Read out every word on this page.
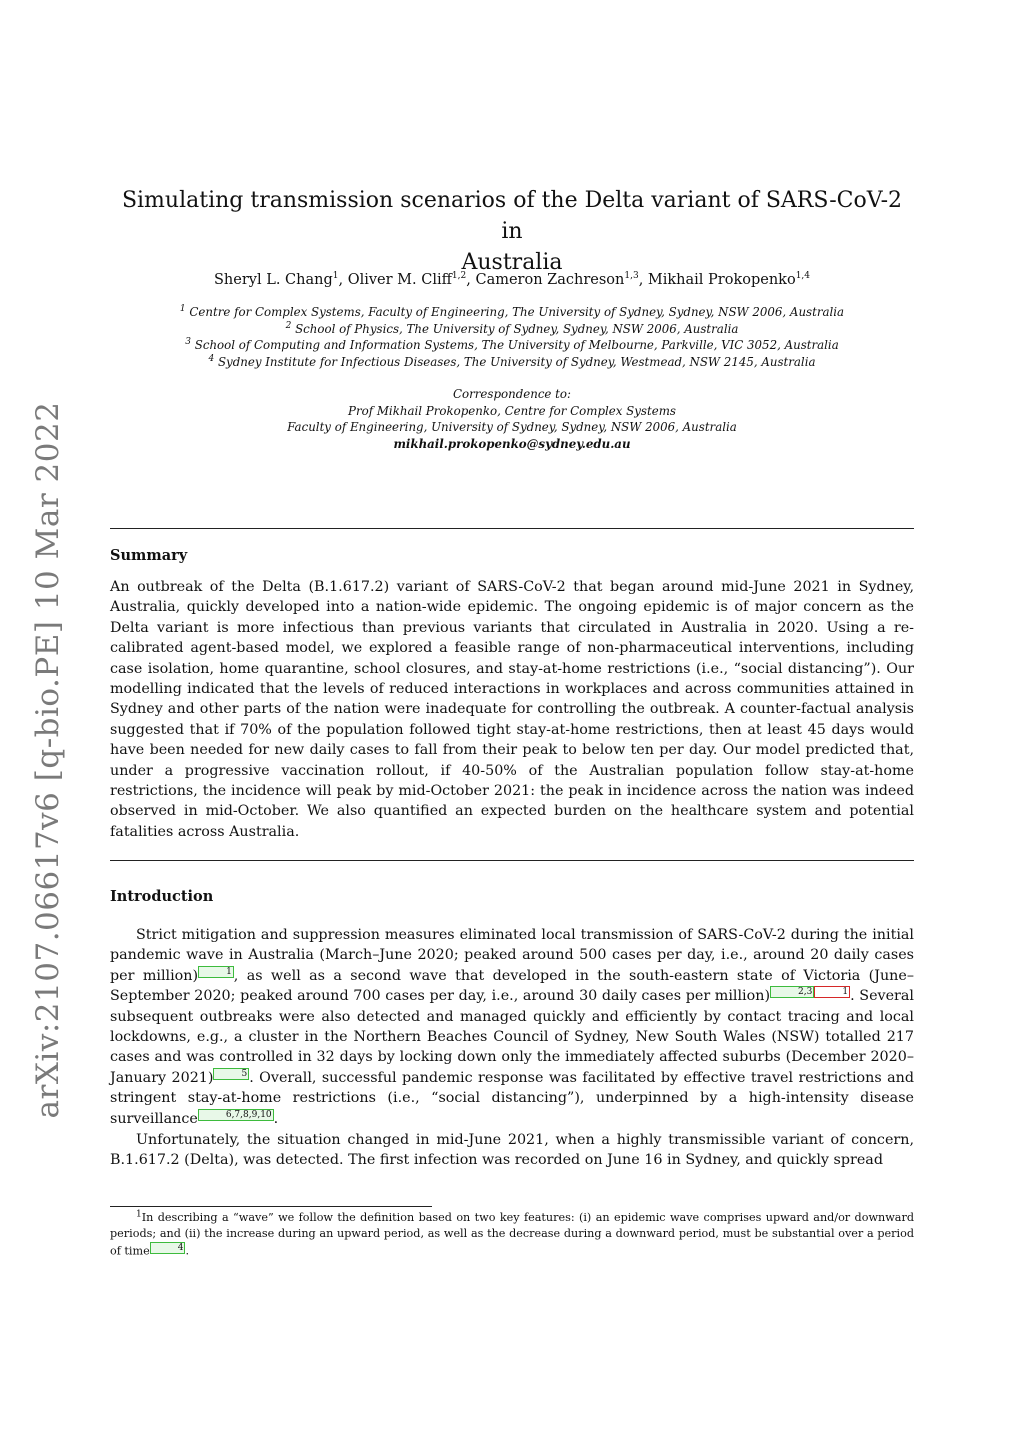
arXiv:2107.06617v6 [q-bio.PE] 10 Mar 2022
Simulating transmission scenarios of the Delta variant of SARS-CoV-2 in
Australia
Sheryl L. Chang$^1$, Oliver M. Cliff$^{1,2}$, Cameron Zachreson$^{1,3}$, Mikhail Prokopenko$^{1,4}$
$^1$ Centre for Complex Systems, Faculty of Engineering, The University of Sydney, Sydney, NSW 2006, Australia
$^2$ School of Physics, The University of Sydney, Sydney, NSW 2006, Australia
$^3$ School of Computing and Information Systems, The University of Melbourne, Parkville, VIC 3052, Australia
$^4$ Sydney Institute for Infectious Diseases, The University of Sydney, Westmead, NSW 2145, Australia
Correspondence to:
Prof Mikhail Prokopenko, Centre for Complex Systems
Faculty of Engineering, University of Sydney, Sydney, NSW 2006, Australia
mikhail.prokopenko@sydney.edu.au
Summary
An outbreak of the Delta (B.1.617.2) variant of SARS-CoV-2 that began around mid-June 2021 in Sydney, Australia, quickly developed into a nation-wide epidemic. The ongoing epidemic is of major concern as the Delta variant is more infectious than previous variants that circulated in Australia in 2020. Using a re-calibrated agent-based model, we explored a feasible range of non-pharmaceutical interventions, including case isolation, home quarantine, school closures, and stay-at-home restrictions (i.e., “social distancing”). Our modelling indicated that the levels of reduced interactions in workplaces and across communities attained in Sydney and other parts of the nation were inadequate for controlling the outbreak. A counter-factual analysis suggested that if 70% of the population followed tight stay-at-home restrictions, then at least 45 days would have been needed for new daily cases to fall from their peak to below ten per day. Our model predicted that, under a progressive vaccination rollout, if 40-50% of the Australian population follow stay-at-home restrictions, the incidence will peak by mid-October 2021: the peak in incidence across the nation was indeed observed in mid-October. We also quantified an expected burden on the healthcare system and potential fatalities across Australia.
Introduction
Strict mitigation and suppression measures eliminated local transmission of SARS-CoV-2 during the initial pandemic wave in Australia (March–June 2020; peaked around 500 cases per day, i.e., around 20 daily cases per million)	1 , as well as a second wave that developed in the south-eastern state of Victoria (June–September 2020; peaked around 700 cases per day, i.e., around 30 daily cases per million)	2,3	1 . Several subsequent outbreaks were also detected and managed quickly and efficiently by contact tracing and local lockdowns, e.g., a cluster in the Northern Beaches Council of Sydney, New South Wales (NSW) totalled 217 cases and was controlled in 32 days by locking down only the immediately affected suburbs (December 2020–January 2021)	5 . Overall, successful pandemic response was facilitated by effective travel restrictions and stringent stay-at-home restrictions (i.e., “social distancing”), underpinned by a high-intensity disease surveillance	6,7,8,9,10 .
Unfortunately, the situation changed in mid-June 2021, when a highly transmissible variant of concern, B.1.617.2 (Delta), was detected. The first infection was recorded on June 16 in Sydney, and quickly spread
$^1$In describing a “wave” we follow the definition based on two key features: (i) an epidemic wave comprises upward and/or downward periods; and (ii) the increase during an upward period, as well as the decrease during a downward period, must be substantial over a period of time	4 .
